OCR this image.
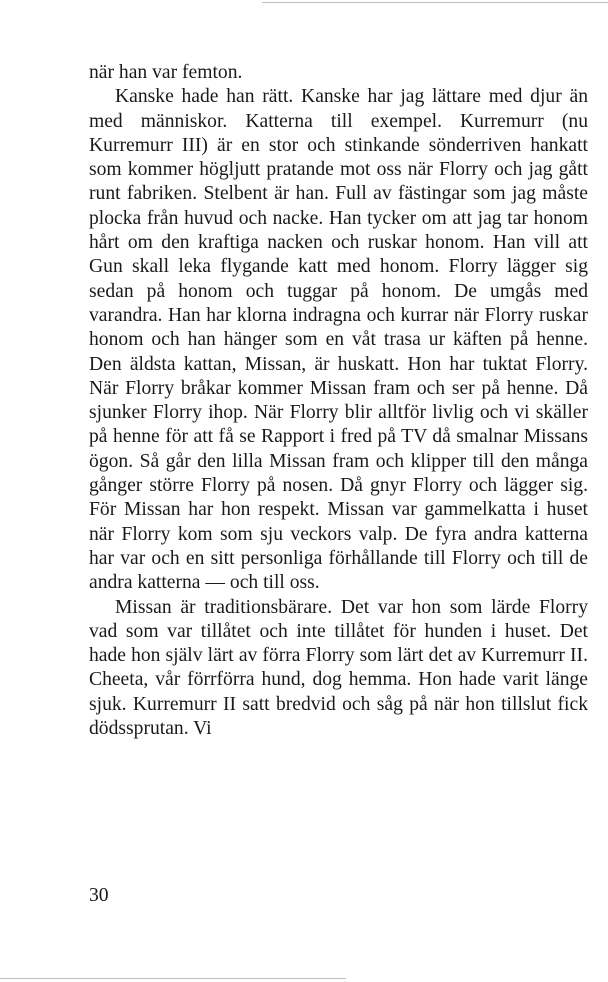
när han var femton.

Kanske hade han rätt. Kanske har jag lättare med djur än med människor. Katterna till exempel. Kurremurr (nu Kurremurr III) är en stor och stinkande sönderriven hankatt som kommer högljutt pratande mot oss när Florry och jag gått runt fabriken. Stelbent är han. Full av fästingar som jag måste plocka från huvud och nacke. Han tycker om att jag tar honom hårt om den kraftiga nacken och ruskar honom. Han vill att Gun skall leka flygande katt med honom. Florry lägger sig sedan på honom och tuggar på honom. De umgås med varandra. Han har klorna indragna och kurrar när Florry ruskar honom och han hänger som en våt trasa ur käften på henne. Den äldsta kattan, Missan, är huskatt. Hon har tuktat Florry. När Florry bråkar kommer Missan fram och ser på henne. Då sjunker Florry ihop. När Florry blir alltför livlig och vi skäller på henne för att få se Rapport i fred på TV då smalnar Missans ögon. Så går den lilla Missan fram och klipper till den många gånger större Florry på nosen. Då gnyr Florry och lägger sig. För Missan har hon respekt. Missan var gammelkatta i huset när Florry kom som sju veckors valp. De fyra andra katterna har var och en sitt personliga förhållande till Florry och till de andra katterna — och till oss.

Missan är traditionsbärare. Det var hon som lärde Florry vad som var tillåtet och inte tillåtet för hunden i huset. Det hade hon själv lärt av förra Florry som lärt det av Kurremurr II. Cheeta, vår förrförra hund, dog hemma. Hon hade varit länge sjuk. Kurremurr II satt bredvid och såg på när hon tillslut fick dödssprutan. Vi

30
